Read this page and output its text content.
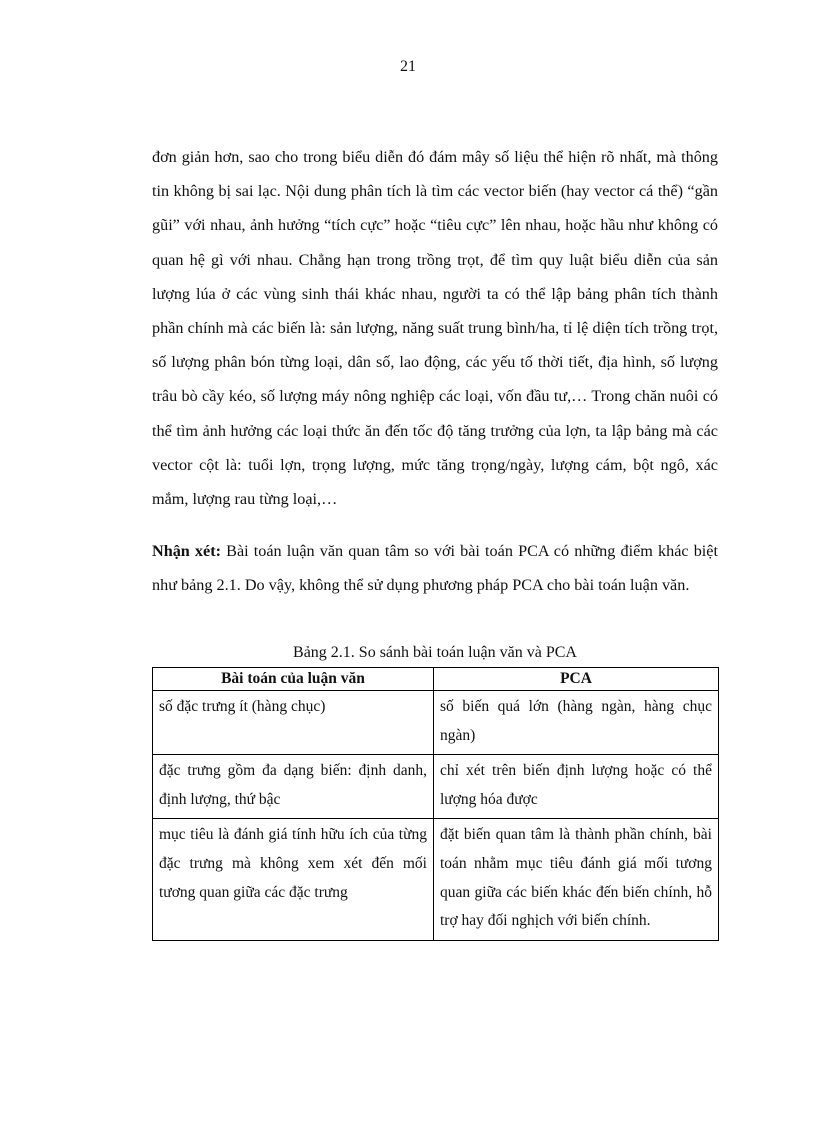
21

đơn giản hơn, sao cho trong biểu diễn đó đám mây số liệu thể hiện rõ nhất, mà thông tin không bị sai lạc. Nội dung phân tích là tìm các vector biến (hay vector cá thể) “gần gũi” với nhau, ảnh hưởng “tích cực” hoặc “tiêu cực” lên nhau, hoặc hầu như không có quan hệ gì với nhau. Chẳng hạn trong trồng trọt, để tìm quy luật biểu diễn của sản lượng lúa ở các vùng sinh thái khác nhau, người ta có thể lập bảng phân tích thành phần chính mà các biến là: sản lượng, năng suất trung bình/ha, tỉ lệ diện tích trồng trọt, số lượng phân bón từng loại, dân số, lao động, các yếu tố thời tiết, địa hình, số lượng trâu bò cầy kéo, số lượng máy nông nghiệp các loại, vốn đầu tư,… Trong chăn nuôi có thể tìm ảnh hưởng các loại thức ăn đến tốc độ tăng trưởng của lợn, ta lập bảng mà các vector cột là: tuổi lợn, trọng lượng, mức tăng trọng/ngày, lượng cám, bột ngô, xác mắm, lượng rau từng loại,…

Nhận xét: Bài toán luận văn quan tâm so với bài toán PCA có những điểm khác biệt như bảng 2.1. Do vậy, không thể sử dụng phương pháp PCA cho bài toán luận văn.

Bảng 2.1. So sánh bài toán luận văn và PCA
Bài toán của luận văn	PCA
số đặc trưng ít (hàng chục)	số biến quá lớn (hàng ngàn, hàng chục ngàn)
đặc trưng gồm đa dạng biến: định danh, định lượng, thứ bậc	chỉ xét trên biến định lượng hoặc có thể lượng hóa được
mục tiêu là đánh giá tính hữu ích của từng đặc trưng mà không xem xét đến mối tương quan giữa các đặc trưng	đặt biến quan tâm là thành phần chính, bài toán nhằm mục tiêu đánh giá mối tương quan giữa các biến khác đến biến chính, hỗ trợ hay đối nghịch với biến chính.
